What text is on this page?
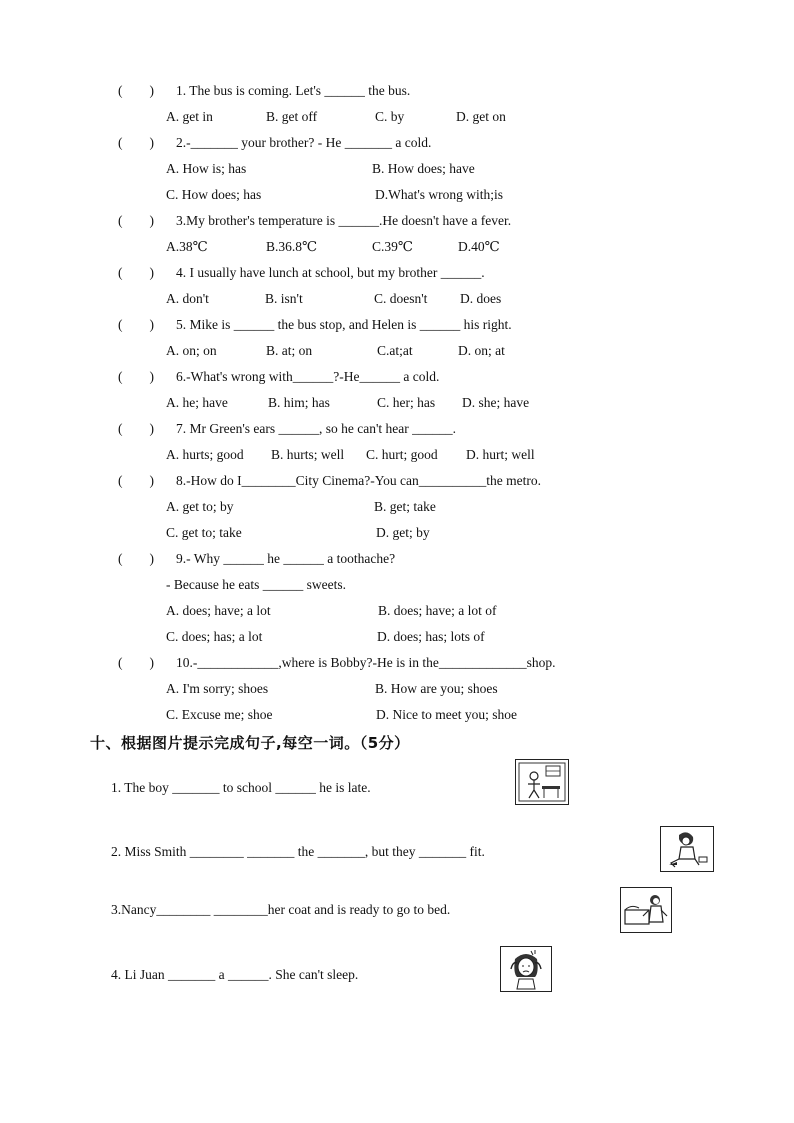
(        ) 1. The bus is coming. Let's ______ the bus.
A. get in	B. get off	C. by	D. get on
(        ) 2.-_______ your brother? - He _______ a cold.
A. How is; has	B. How does; have
C. How does; has	D.What's wrong with;is
(        ) 3.My brother's temperature is ______.He doesn't have a fever.
A.38℃	B.36.8℃	C.39℃	D.40℃
(        ) 4. I usually have lunch at school, but my brother ______.
A. don't	B. isn't	C. doesn't D. does
(        ) 5. Mike is ______ the bus stop, and Helen is ______ his right.
A. on; on	B. at; on	C.at;at	D. on; at
(        ) 6.-What's wrong with______?-He______ a cold.
A. he; have	B. him; has	C. her; has D. she; have
(        ) 7. Mr Green's ears ______, so he can't hear ______.
A. hurts; good B. hurts; well C. hurt; good D. hurt; well
(        ) 8.-How do I________City Cinema?-You can__________the metro.
A. get to; by	B. get; take
C. get to; take	D. get; by
(        ) 9.- Why ______ he ______ a toothache?
- Because he eats ______ sweets.
A. does; have; a lot	B. does; have; a lot of
C. does; has; a lot	D. does; has; lots of
(        ) 10.-____________,where is Bobby?-He is in the_____________shop.
A. I'm sorry; shoes	B. How are you; shoes
C. Excuse me; shoe	D. Nice to meet you; shoe
十、根据图片提示完成句子,每空一词。（5分）
1. The boy _______ to school ______ he is late.
2. Miss Smith ________ _______ the _______, but they _______ fit.
3.Nancy________ ________her coat and is ready to go to bed.
4. Li Juan _______ a ______. She can't sleep.
